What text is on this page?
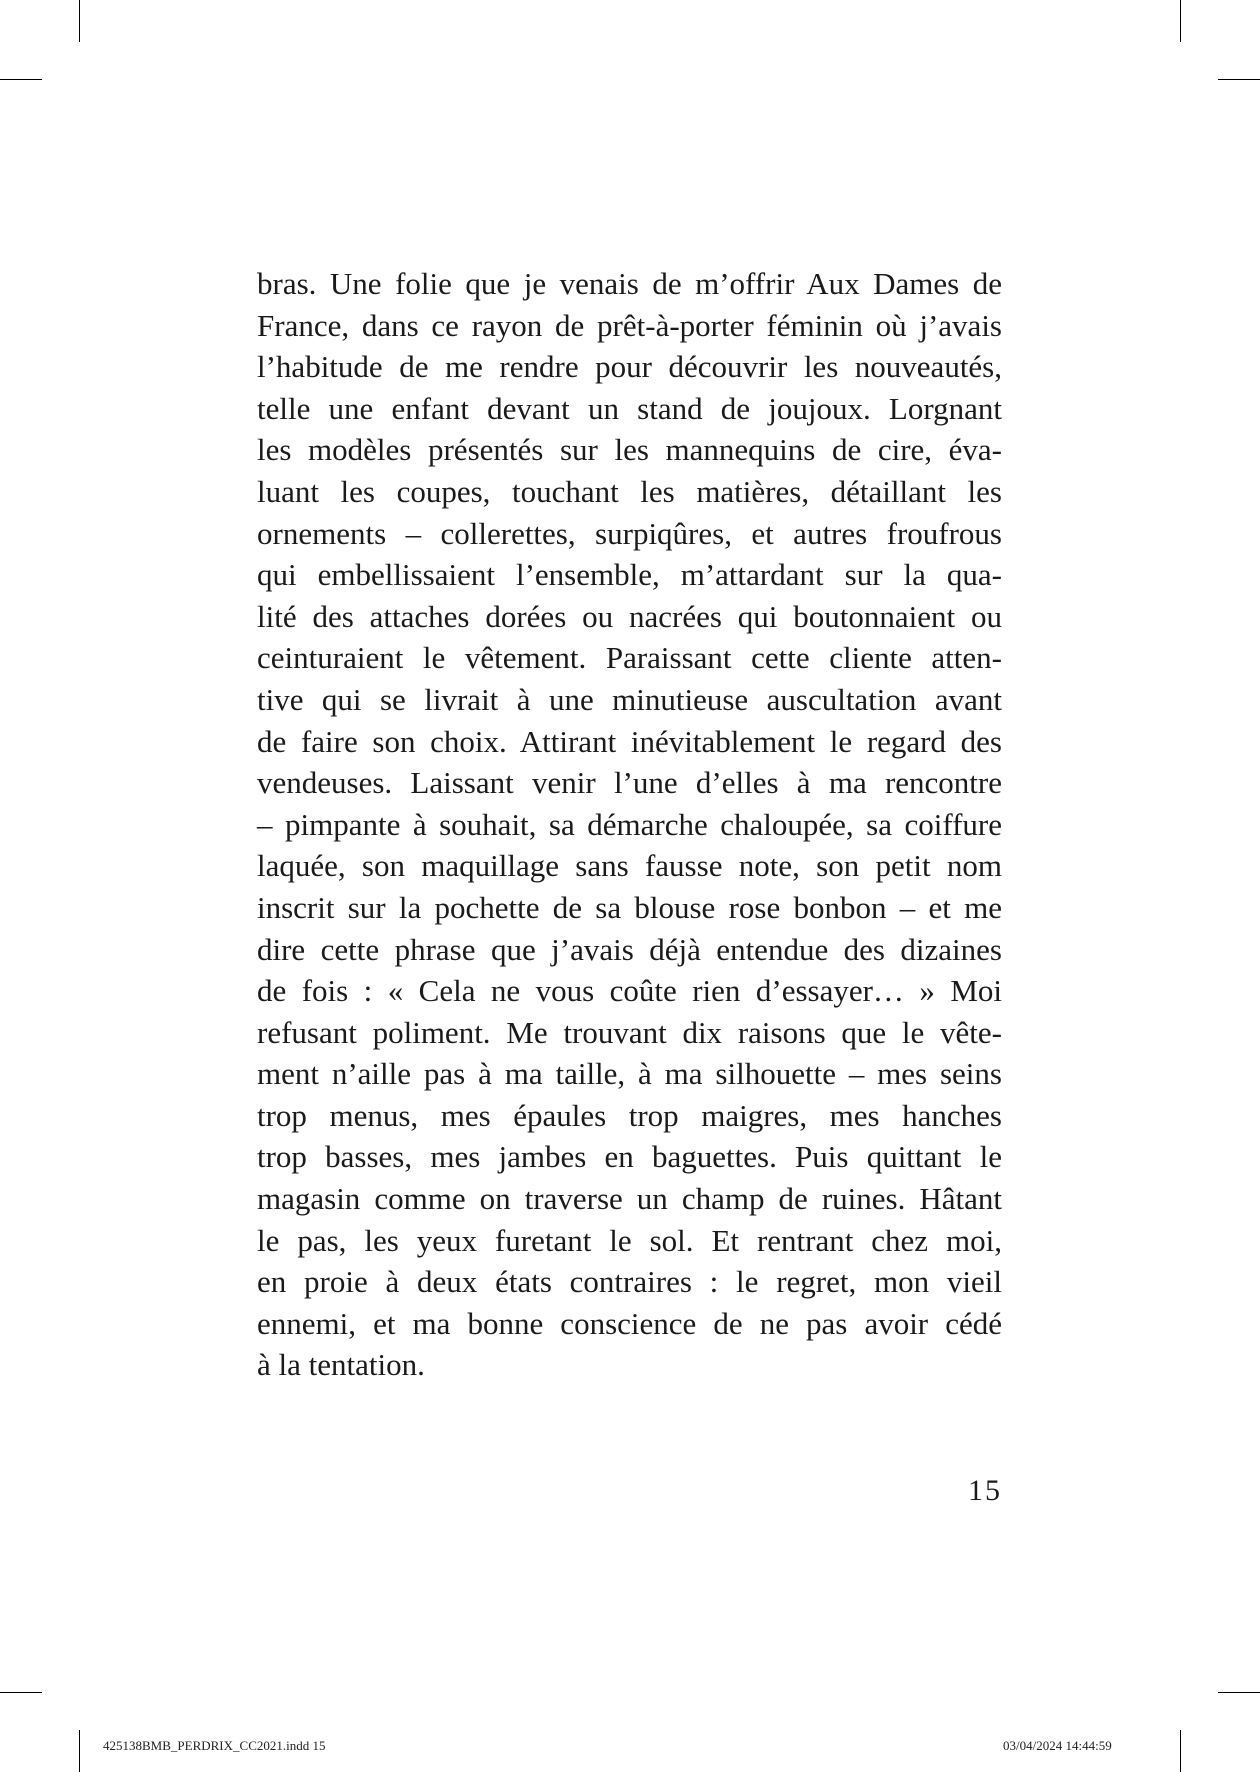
bras. Une folie que je venais de m’offrir Aux Dames de
France, dans ce rayon de prêt-à-porter féminin où j’avais
l’habitude de me rendre pour découvrir les nouveautés,
telle une enfant devant un stand de joujoux. Lorgnant
les modèles présentés sur les mannequins de cire, éva-
luant les coupes, touchant les matières, détaillant les
ornements – collerettes, surpiqûres, et autres froufrous
qui embellissaient l’ensemble, m’attardant sur la qua-
lité des attaches dorées ou nacrées qui boutonnaient ou
ceinturaient le vêtement. Paraissant cette cliente atten-
tive qui se livrait à une minutieuse auscultation avant
de faire son choix. Attirant inévitablement le regard des
vendeuses. Laissant venir l’une d’elles à ma rencontre
– pimpante à souhait, sa démarche chaloupée, sa coiffure
laquée, son maquillage sans fausse note, son petit nom
inscrit sur la pochette de sa blouse rose bonbon – et me
dire cette phrase que j’avais déjà entendue des dizaines
de fois : « Cela ne vous coûte rien d’essayer… » Moi
refusant poliment. Me trouvant dix raisons que le vête-
ment n’aille pas à ma taille, à ma silhouette – mes seins
trop menus, mes épaules trop maigres, mes hanches
trop basses, mes jambes en baguettes. Puis quittant le
magasin comme on traverse un champ de ruines. Hâtant
le pas, les yeux furetant le sol. Et rentrant chez moi,
en proie à deux états contraires : le regret, mon vieil
ennemi, et ma bonne conscience de ne pas avoir cédé
à la tentation.
15
425138BMB_PERDRIX_CC2021.indd 15	03/04/2024 14:44:59
